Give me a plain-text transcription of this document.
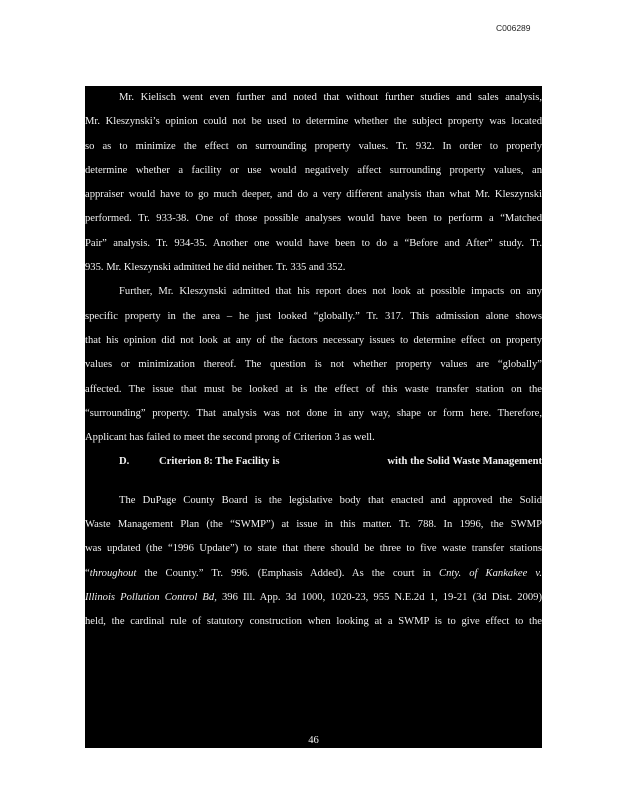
C006289
Mr. Kielisch went even further and noted that without further studies and sales analysis,
Mr. Kleszynski’s opinion could not be used to determine whether the subject property was located
so as to minimize the effect on surrounding property values. Tr. 932. In order to properly
determine whether a facility or use would negatively affect surrounding property values, an
appraiser would have to go much deeper, and do a very different analysis than what Mr. Kleszynski
performed. Tr. 933-38. One of those possible analyses would have been to perform a “Matched
Pair” analysis. Tr. 934-35. Another one would have been to do a “Before and After” study. Tr.
935. Mr. Kleszynski admitted he did neither. Tr. 335 and 352.
Further, Mr. Kleszynski admitted that his report does not look at possible impacts on any
specific property in the area – he just looked “globally.” Tr. 317. This admission alone shows
that his opinion did not look at any of the factors necessary issues to determine effect on property
values or minimization thereof. The question is not whether property values are “globally”
affected. The issue that must be looked at is the effect of this waste transfer station on the
“surrounding” property. That analysis was not done in any way, shape or form here. Therefore,
Applicant has failed to meet the second prong of Criterion 3 as well.
D.	Criterion 8: The Facility is	with the Solid Waste Management
The DuPage County Board is the legislative body that enacted and approved the Solid
Waste Management Plan (the “SWMP”) at issue in this matter. Tr. 788. In 1996, the SWMP
was updated (the “1996 Update”) to state that there should be three to five waste transfer stations
“throughout the County.” Tr. 996. (Emphasis Added). As the court in Cnty. of Kankakee v.
Illinois Pollution Control Bd, 396 Ill. App. 3d 1000, 1020-23, 955 N.E.2d 1, 19-21 (3d Dist. 2009)
held, the cardinal rule of statutory construction when looking at a SWMP is to give effect to the
46
